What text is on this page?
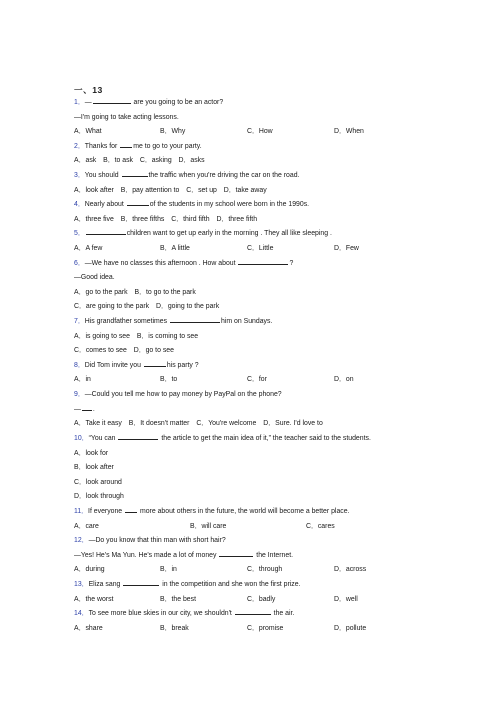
一、13
1．—	are you going to be an actor?
—I'm going to take acting lessons.
A．What	B．Why	C．How	D．When
2．Thanks for me to go to your party.
A．ask　B．to ask　C．asking　D．asks
3．You should	the traffic when you're driving the car on the road.
A．look after　B．pay attention to　C．set up　D．take away
4．Nearly about	of the students in my school were born in the 1990s.
A．three five　B．three fifths　C．third fifth　D．three fifth
5．	children want to get up early in the morning . They all like sleeping .
A．A few	B．A little	C．Little	D．Few
6．—We have no classes this afternoon . How about	?
—Good idea.
A．go to the park　B．to go to the park
C．are going to the park　D．going to the park
7．His grandfather sometimes	him on Sundays.
A．is going to see　B．is coming to see
C．comes to see　D．go to see
8．Did Tom invite you	his party ?
A．in	B．to	C．for	D．on
9．—Could you tell me how to pay money by PayPal on the phone?
— .
A．Take it easy　B．It doesn't matter　C．You're welcome　D．Sure. I'd love to
10．“You can	the article to get the main idea of it,” the teacher said to the students.
A．look for
B．look after
C．look around
D．look through
11．If everyone  more about others in the future, the world will become a better place.
A．care	B．will care	C．cares
12．—Do you know that thin man with short hair?
—Yes! He's Ma Yun. He's made a lot of money	the Internet.
A．during	B．in	C．through	D．across
13．Eliza sang	in the competition and she won the first prize.
A．the worst	B．the best	C．badly	D．well
14．To see more blue skies in our city, we shouldn't	the air.
A．share	B．break	C．promise	D．pollute
